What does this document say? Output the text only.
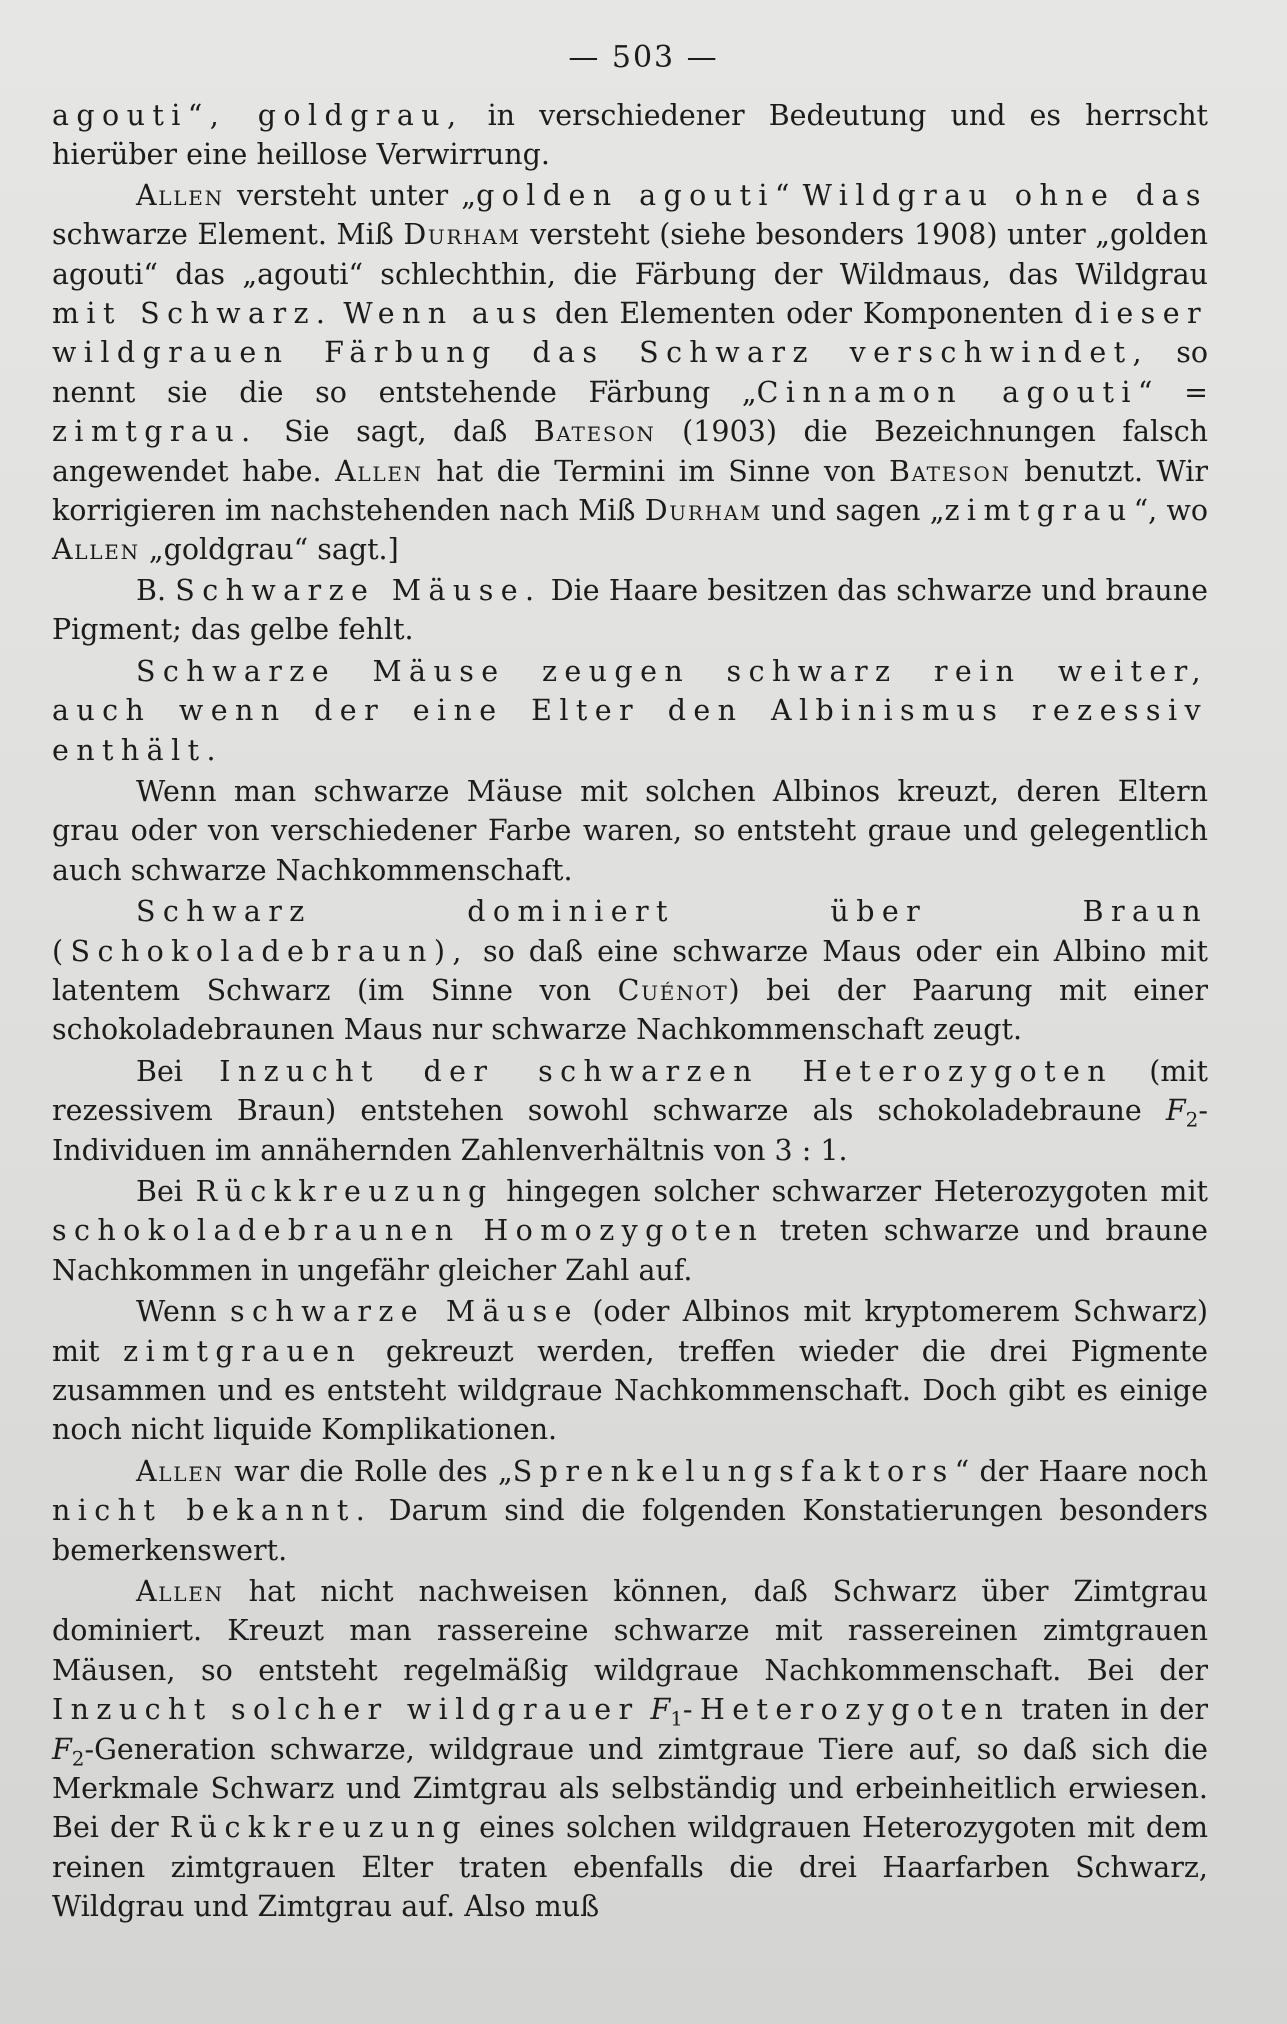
— 503 —

agouti“, goldgrau, in verschiedener Bedeutung und es herrscht hierüber eine heillose Verwirrung.

Allen versteht unter „golden agouti“ Wildgrau ohne das schwarze Element. Miß Durham versteht (siehe besonders 1908) unter „golden agouti“ das „agouti“ schlechthin, die Färbung der Wildmaus, das Wildgrau mit Schwarz. Wenn aus den Elementen oder Komponenten dieser wildgrauen Färbung das Schwarz verschwindet, so nennt sie die so entstehende Färbung „Cinnamon agouti“ = zimtgrau. Sie sagt, daß Bateson (1903) die Bezeichnungen falsch angewendet habe. Allen hat die Termini im Sinne von Bateson benutzt. Wir korrigieren im nachstehenden nach Miß Durham und sagen „zimtgrau“, wo Allen „goldgrau“ sagt.]

B. Schwarze Mäuse. Die Haare besitzen das schwarze und braune Pigment; das gelbe fehlt.

Schwarze Mäuse zeugen schwarz rein weiter, auch wenn der eine Elter den Albinismus rezessiv enthält.

Wenn man schwarze Mäuse mit solchen Albinos kreuzt, deren Eltern grau oder von verschiedener Farbe waren, so entsteht graue und gelegentlich auch schwarze Nachkommenschaft.

Schwarz dominiert über Braun (Schokoladebraun), so daß eine schwarze Maus oder ein Albino mit latentem Schwarz (im Sinne von Cuénot) bei der Paarung mit einer schokoladebraunen Maus nur schwarze Nachkommenschaft zeugt.

Bei Inzucht der schwarzen Heterozygoten (mit rezessivem Braun) entstehen sowohl schwarze als schokoladebraune $F_2$-Individuen im annähernden Zahlenverhältnis von 3 : 1.

Bei Rückkreuzung hingegen solcher schwarzer Heterozygoten mit schokoladebraunen Homozygoten treten schwarze und braune Nachkommen in ungefähr gleicher Zahl auf.

Wenn schwarze Mäuse (oder Albinos mit kryptomerem Schwarz) mit zimtgrauen gekreuzt werden, treffen wieder die drei Pigmente zusammen und es entsteht wildgraue Nachkommenschaft. Doch gibt es einige noch nicht liquide Komplikationen.

Allen war die Rolle des „Sprenkelungsfaktors“ der Haare noch nicht bekannt. Darum sind die folgenden Konstatierungen besonders bemerkenswert.

Allen hat nicht nachweisen können, daß Schwarz über Zimtgrau dominiert. Kreuzt man rassereine schwarze mit rassereinen zimtgrauen Mäusen, so entsteht regelmäßig wildgraue Nachkommenschaft. Bei der Inzucht solcher wildgrauer $F_1$-Heterozygoten traten in der $F_2$-Generation schwarze, wildgraue und zimtgraue Tiere auf, so daß sich die Merkmale Schwarz und Zimtgrau als selbständig und erbeinheitlich erwiesen. Bei der Rückkreuzung eines solchen wildgrauen Heterozygoten mit dem reinen zimtgrauen Elter traten ebenfalls die drei Haarfarben Schwarz, Wildgrau und Zimtgrau auf. Also muß
